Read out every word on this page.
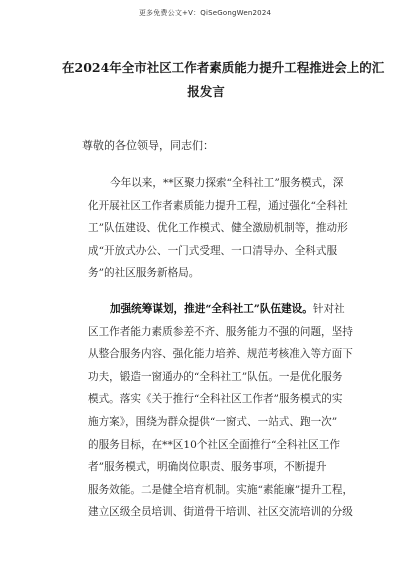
更多免费公文+V：QiSeGongWen2024
在2024年全市社区工作者素质能力提升工程推进会上的汇
报发言
尊敬的各位领导，同志们：
今年以来，**区聚力探索“全科社工”服务模式，深
化开展社区工作者素质能力提升工程，通过强化“全科社
工”队伍建设、优化工作模式、健全激励机制等，推动形
成“开放式办公、一门式受理、一口清导办、全科式服
务”的社区服务新格局。
加强统筹谋划，推进“全科社工”队伍建设。针对社
区工作者能力素质参差不齐、服务能力不强的问题，坚持
从整合服务内容、强化能力培养、规范考核准入等方面下
功夫，锻造一窗通办的“全科社工”队伍。一是优化服务
模式。落实《关于推行“全科社区工作者”服务模式的实
施方案》，围绕为群众提供“一窗式、一站式、跑一次”
的服务目标，在**区10个社区全面推行“全科社区工作
者”服务模式，明确岗位职责、服务事项，不断提升
服务效能。二是健全培育机制。实施“素能廉”提升工程，
建立区级全员培训、街道骨干培训、社区交流培训的分级
